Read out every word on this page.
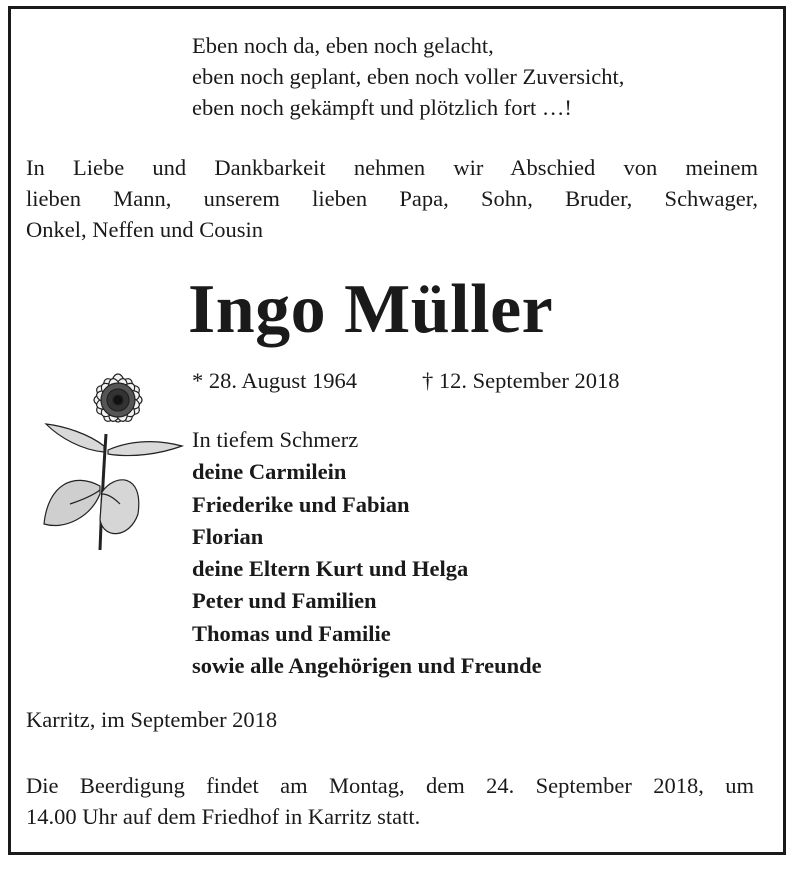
Eben noch da, eben noch gelacht,
eben noch geplant, eben noch voller Zuversicht,
eben noch gekämpft und plötzlich fort …!
In Liebe und Dankbarkeit nehmen wir Abschied von meinem
lieben Mann, unserem lieben Papa, Sohn, Bruder, Schwager,
Onkel, Neffen und Cousin
Ingo Müller
* 28. August 1964	† 12. September 2018
In tiefem Schmerz
deine Carmilein
Friederike und Fabian
Florian
deine Eltern Kurt und Helga
Peter und Familien
Thomas und Familie
sowie alle Angehörigen und Freunde
Karritz, im September 2018
Die Beerdigung findet am Montag, dem 24. September 2018, um
14.00 Uhr auf dem Friedhof in Karritz statt.
